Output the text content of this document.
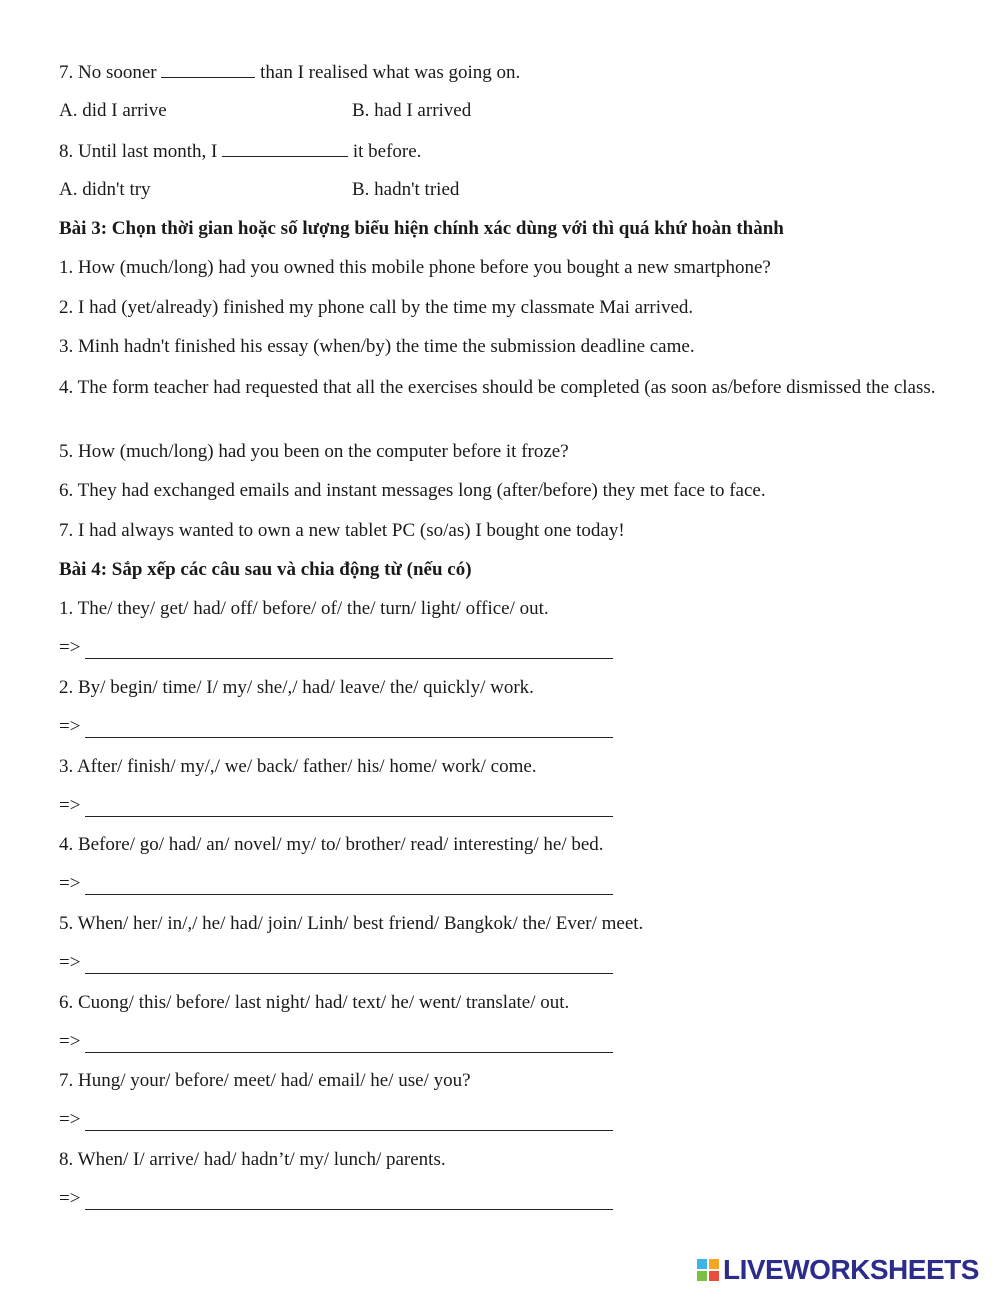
7. No sooner	than I realised what was going on.
A. did I arrive	B. had I arrived
8. Until last month, I	it before.
A. didn't try	B. hadn't tried
Bài 3: Chọn thời gian hoặc số lượng biểu hiện chính xác dùng với thì quá khứ hoàn thành
1. How (much/long) had you owned this mobile phone before you bought a new smartphone?
2. I had (yet/already) finished my phone call by the time my classmate Mai arrived.
3. Minh hadn't finished his essay (when/by) the time the submission deadline came.
4. The form teacher had requested that all the exercises should be completed (as soon as/before dismissed the class.
5. How (much/long) had you been on the computer before it froze?
6. They had exchanged emails and instant messages long (after/before) they met face to face.
7. I had always wanted to own a new tablet PC (so/as) I bought one today!
Bài 4: Sắp xếp các câu sau và chia động từ (nếu có)
1. The/ they/ get/ had/ off/ before/ of/ the/ turn/ light/ office/ out.
=>
2. By/ begin/ time/ I/ my/ she/,/ had/ leave/ the/ quickly/ work.
=>
3. After/ finish/ my/,/ we/ back/ father/ his/ home/ work/ come.
=>
4. Before/ go/ had/ an/ novel/ my/ to/ brother/ read/ interesting/ he/ bed.
=>
5. When/ her/ in/,/ he/ had/ join/ Linh/ best friend/ Bangkok/ the/ Ever/ meet.
=>
6. Cuong/ this/ before/ last night/ had/ text/ he/ went/ translate/ out.
=>
7. Hung/ your/ before/ meet/ had/ email/ he/ use/ you?
=>
8. When/ I/ arrive/ had/ hadn’t/ my/ lunch/ parents.
=>
LIVEWORKSHEETS
